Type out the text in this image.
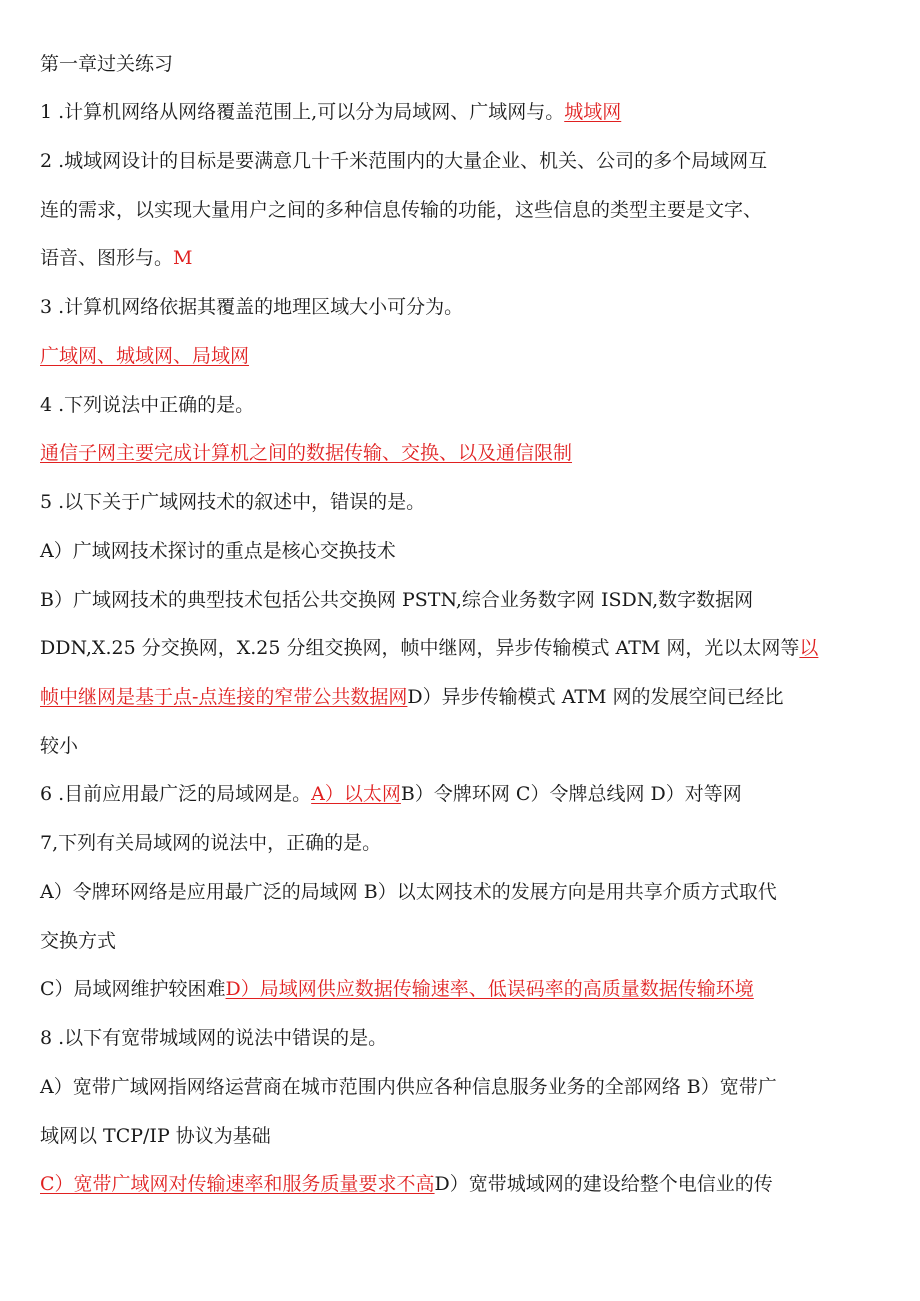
第一章过关练习
1 .计算机网络从网络覆盖范围上,可以分为局域网、广域网与。城域网
2 .城域网设计的目标是要满意几十千米范围内的大量企业、机关、公司的多个局域网互
连的需求，以实现大量用户之间的多种信息传输的功能，这些信息的类型主要是文字、
语音、图形与。M
3 .计算机网络依据其覆盖的地理区域大小可分为。
广域网、城域网、局域网
4 .下列说法中正确的是。
通信子网主要完成计算机之间的数据传输、交换、以及通信限制
5 .以下关于广域网技术的叙述中，错误的是。
A）广域网技术探讨的重点是核心交换技术
B）广域网技术的典型技术包括公共交换网 PSTN,综合业务数字网 ISDN,数字数据网
DDN,X.25 分交换网，X.25 分组交换网，帧中继网，异步传输模式 ATM 网，光以太网等以
帧中继网是基于点-点连接的窄带公共数据网D）异步传输模式 ATM 网的发展空间已经比
较小
6 .目前应用最广泛的局域网是。A）以太网B）令牌环网 C）令牌总线网 D）对等网
7,下列有关局域网的说法中，正确的是。
A）令牌环网络是应用最广泛的局域网 B）以太网技术的发展方向是用共享介质方式取代
交换方式
C）局域网维护较困难D）局域网供应数据传输速率、低误码率的高质量数据传输环境
8 .以下有宽带城域网的说法中错误的是。
A）宽带广域网指网络运营商在城市范围内供应各种信息服务业务的全部网络 B）宽带广
域网以 TCP/IP 协议为基础
C）宽带广域网对传输速率和服务质量要求不高D）宽带城域网的建设给整个电信业的传
